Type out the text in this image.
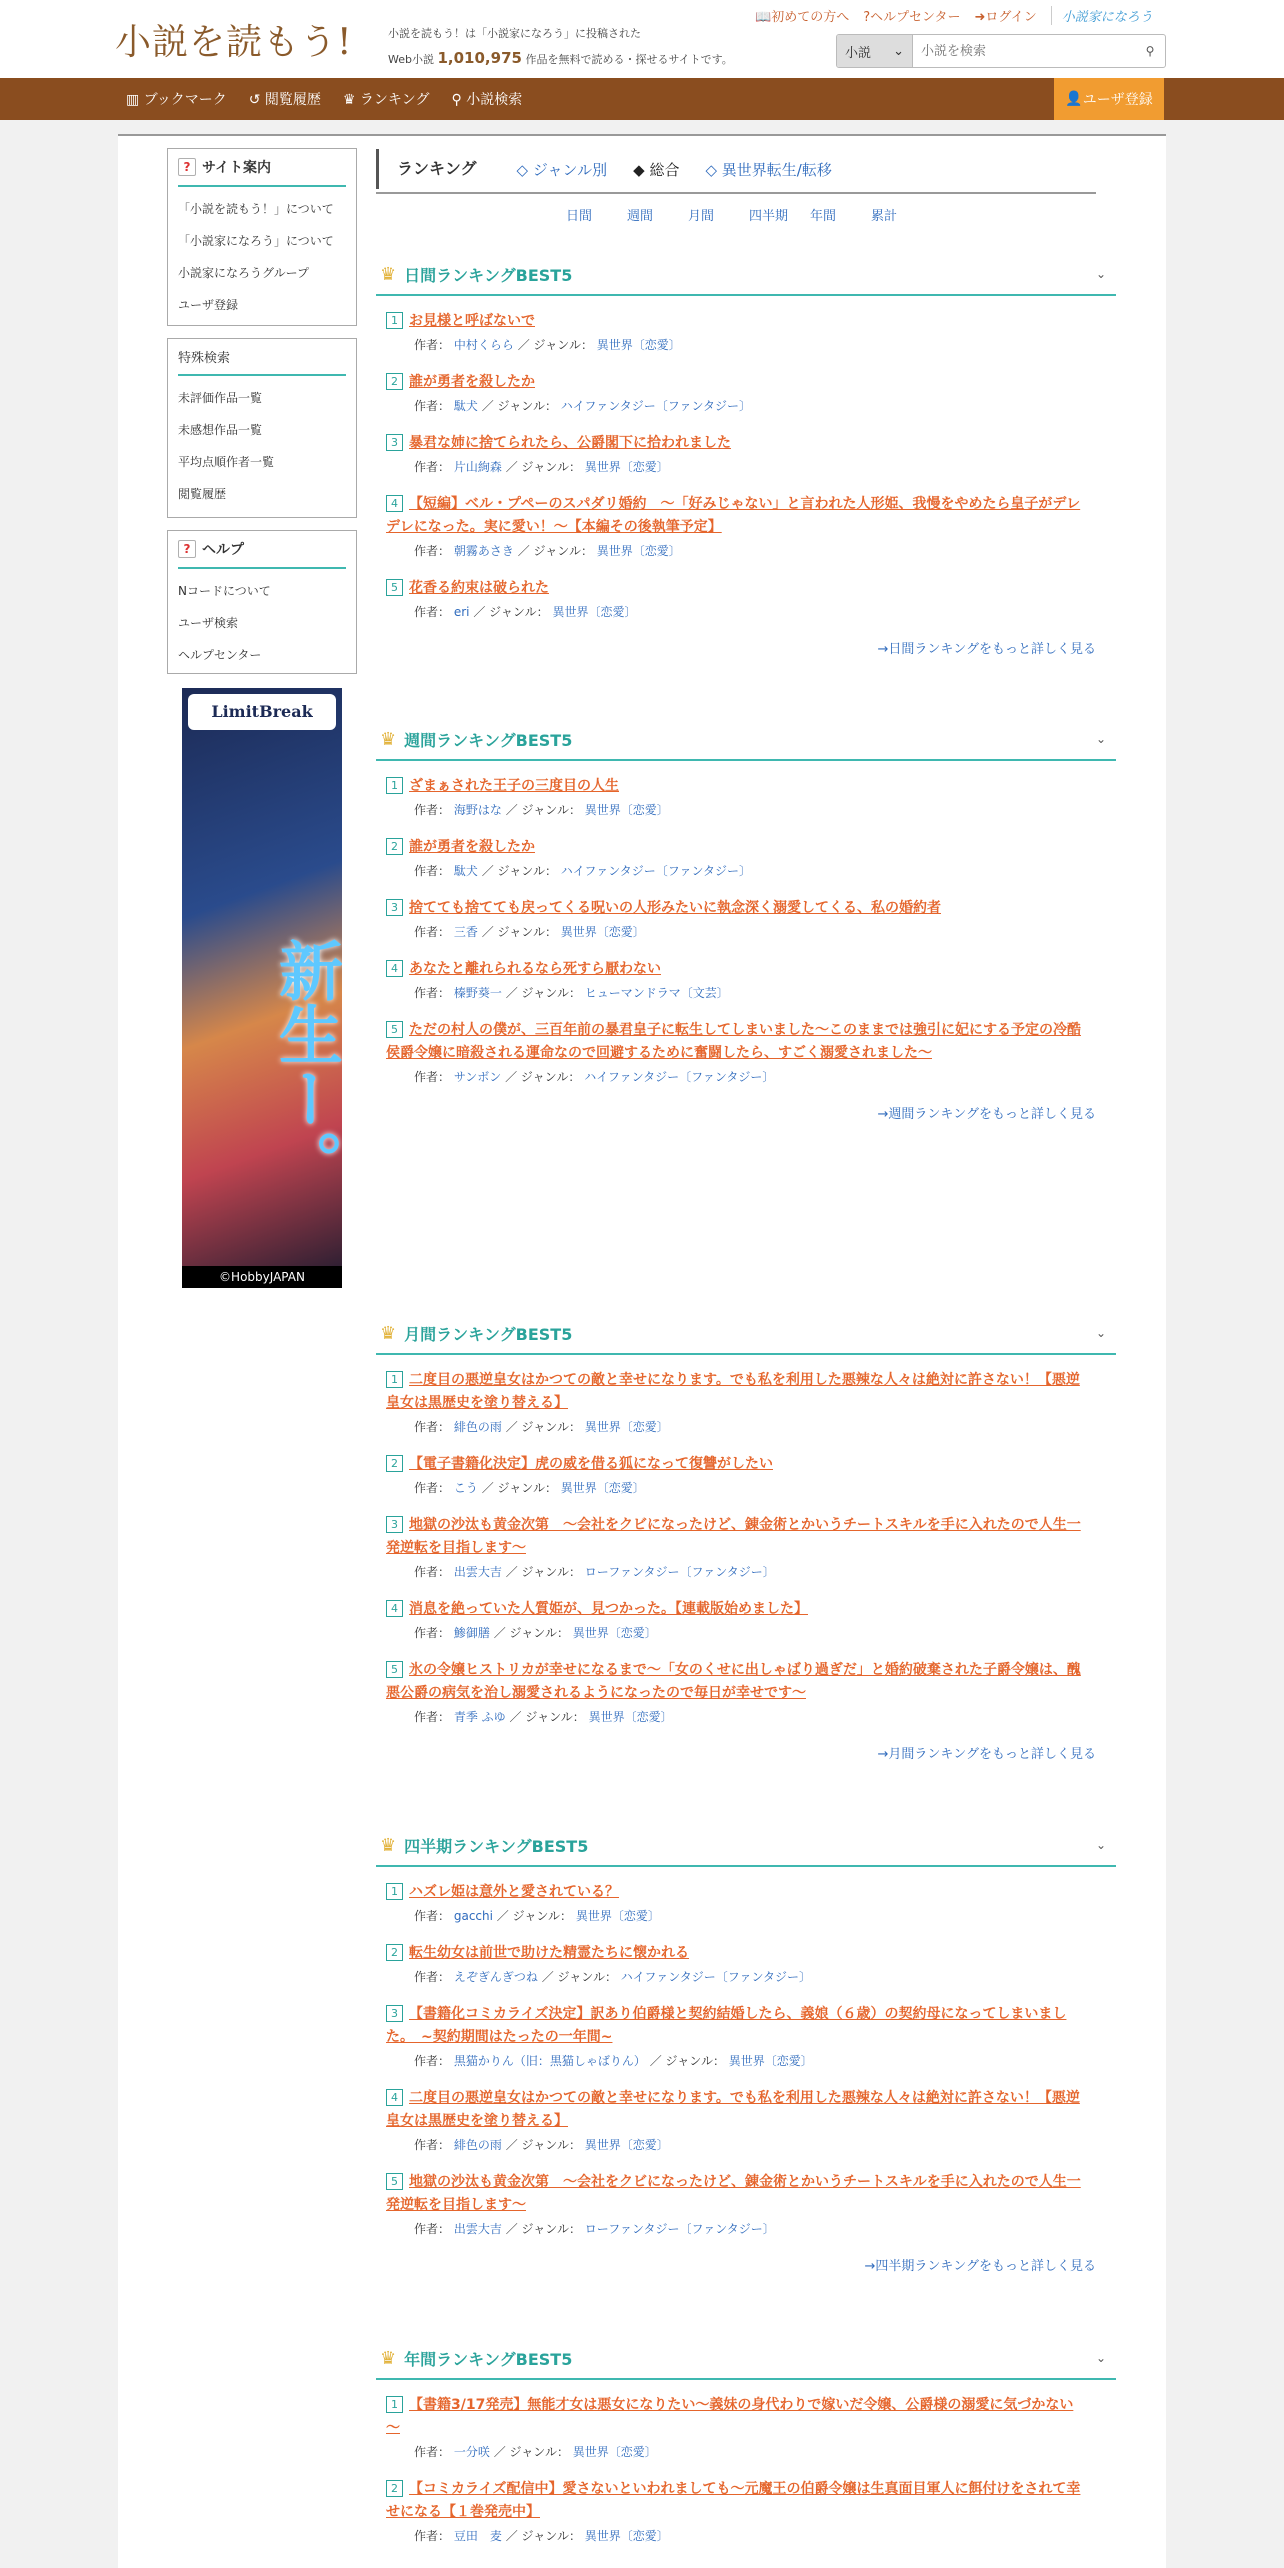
小説を読もう!	小説を読もう！は「小説家になろう」に投稿された
Web小説 1,010,975 作品を無料で読める・探せるサイトです。
📖初めての方へ ?ヘルプセンター ➜ログイン	小説家になろう
小説 ⌄
小説を検索	⚲
▥ ブックマーク ↺ 閲覧履歴 ♛ ランキング ⚲ 小説検索	👤 ユーザ登録
? サイト案内
「小説を読もう！」について
「小説家になろう」について
小説家になろうグループ
ユーザ登録
特殊検索
未評価作品一覧
未感想作品一覧
平均点順作者一覧
閲覧履歴
? ヘルプ
Nコードについて
ユーザ検索
ヘルプセンター
LimitBreak
新生ー。
©HobbyJAPAN
ランキング	◇ ジャンル別 ◆ 総合 ◇ 異世界転生/転移
日間	週間	月間	四半期	年間	累計
♛ 日間ランキングBEST5	⌄
1 お見様と呼ばないで
作者： 中村くらら ／ ジャンル： 異世界〔恋愛〕
2 誰が勇者を殺したか
作者： 駄犬 ／ ジャンル： ハイファンタジー〔ファンタジー〕
3 暴君な姉に捨てられたら、公爵閣下に拾われました
作者： 片山絢森 ／ ジャンル： 異世界〔恋愛〕
4 【短編】ベル・プペーのスパダリ婚約　～「好みじゃない」と言われた人形姫、我慢をやめたら皇子がデレデレになった。実に愛い！～【本編その後執筆予定】
作者： 朝霧あさき ／ ジャンル： 異世界〔恋愛〕
5 花香る約束は破られた
作者： eri ／ ジャンル： 異世界〔恋愛〕
→日間ランキングをもっと詳しく見る
♛ 週間ランキングBEST5	⌄
1 ざまぁされた王子の三度目の人生
作者： 海野はな ／ ジャンル： 異世界〔恋愛〕
2 誰が勇者を殺したか
作者： 駄犬 ／ ジャンル： ハイファンタジー〔ファンタジー〕
3 捨てても捨てても戻ってくる呪いの人形みたいに執念深く溺愛してくる、私の婚約者
作者： 三香 ／ ジャンル： 異世界〔恋愛〕
4 あなたと離れられるなら死すら厭わない
作者： 榛野葵一 ／ ジャンル： ヒューマンドラマ〔文芸〕
5 ただの村人の僕が、三百年前の暴君皇子に転生してしまいました～このままでは強引に妃にする予定の冷酷侯爵令嬢に暗殺される運命なので回避するために奮闘したら、すごく溺愛されました～
作者： サンボン ／ ジャンル： ハイファンタジー〔ファンタジー〕
→週間ランキングをもっと詳しく見る
♛ 月間ランキングBEST5	⌄
1 二度目の悪逆皇女はかつての敵と幸せになります。でも私を利用した悪辣な人々は絶対に許さない！【悪逆皇女は黒歴史を塗り替える】
作者： 緋色の雨 ／ ジャンル： 異世界〔恋愛〕
2 【電子書籍化決定】虎の威を借る狐になって復讐がしたい
作者： こう ／ ジャンル： 異世界〔恋愛〕
3 地獄の沙汰も黄金次第　～会社をクビになったけど、錬金術とかいうチートスキルを手に入れたので人生一発逆転を目指します～
作者： 出雲大吉 ／ ジャンル： ローファンタジー〔ファンタジー〕
4 消息を絶っていた人質姫が、見つかった。【連載版始めました】
作者： 鯵御膳 ／ ジャンル： 異世界〔恋愛〕
5 氷の令嬢ヒストリカが幸せになるまで〜「女のくせに出しゃばり過ぎだ」と婚約破棄された子爵令嬢は、醜悪公爵の病気を治し溺愛されるようになったので毎日が幸せです〜
作者： 青季 ふゆ ／ ジャンル： 異世界〔恋愛〕
→月間ランキングをもっと詳しく見る
♛ 四半期ランキングBEST5	⌄
1 ハズレ姫は意外と愛されている？
作者： gacchi ／ ジャンル： 異世界〔恋愛〕
2 転生幼女は前世で助けた精霊たちに懐かれる
作者： えぞぎんぎつね ／ ジャンル： ハイファンタジー〔ファンタジー〕
3 【書籍化コミカライズ決定】訳あり伯爵様と契約結婚したら、義娘（６歳）の契約母になってしまいました。　~契約期間はたったの一年間~
作者： 黒猫かりん（旧：黒猫しゃばりん） ／ ジャンル： 異世界〔恋愛〕
4 二度目の悪逆皇女はかつての敵と幸せになります。でも私を利用した悪辣な人々は絶対に許さない！【悪逆皇女は黒歴史を塗り替える】
作者： 緋色の雨 ／ ジャンル： 異世界〔恋愛〕
5 地獄の沙汰も黄金次第　～会社をクビになったけど、錬金術とかいうチートスキルを手に入れたので人生一発逆転を目指します～
作者： 出雲大吉 ／ ジャンル： ローファンタジー〔ファンタジー〕
→四半期ランキングをもっと詳しく見る
♛ 年間ランキングBEST5	⌄
1 【書籍3/17発売】無能才女は悪女になりたい～義妹の身代わりで嫁いだ令嬢、公爵様の溺愛に気づかない～
作者： 一分咲 ／ ジャンル： 異世界〔恋愛〕
2 【コミカライズ配信中】愛さないといわれましても～元魔王の伯爵令嬢は生真面目軍人に餌付けをされて幸せになる【１巻発売中】
作者： 豆田　麦 ／ ジャンル： 異世界〔恋愛〕
